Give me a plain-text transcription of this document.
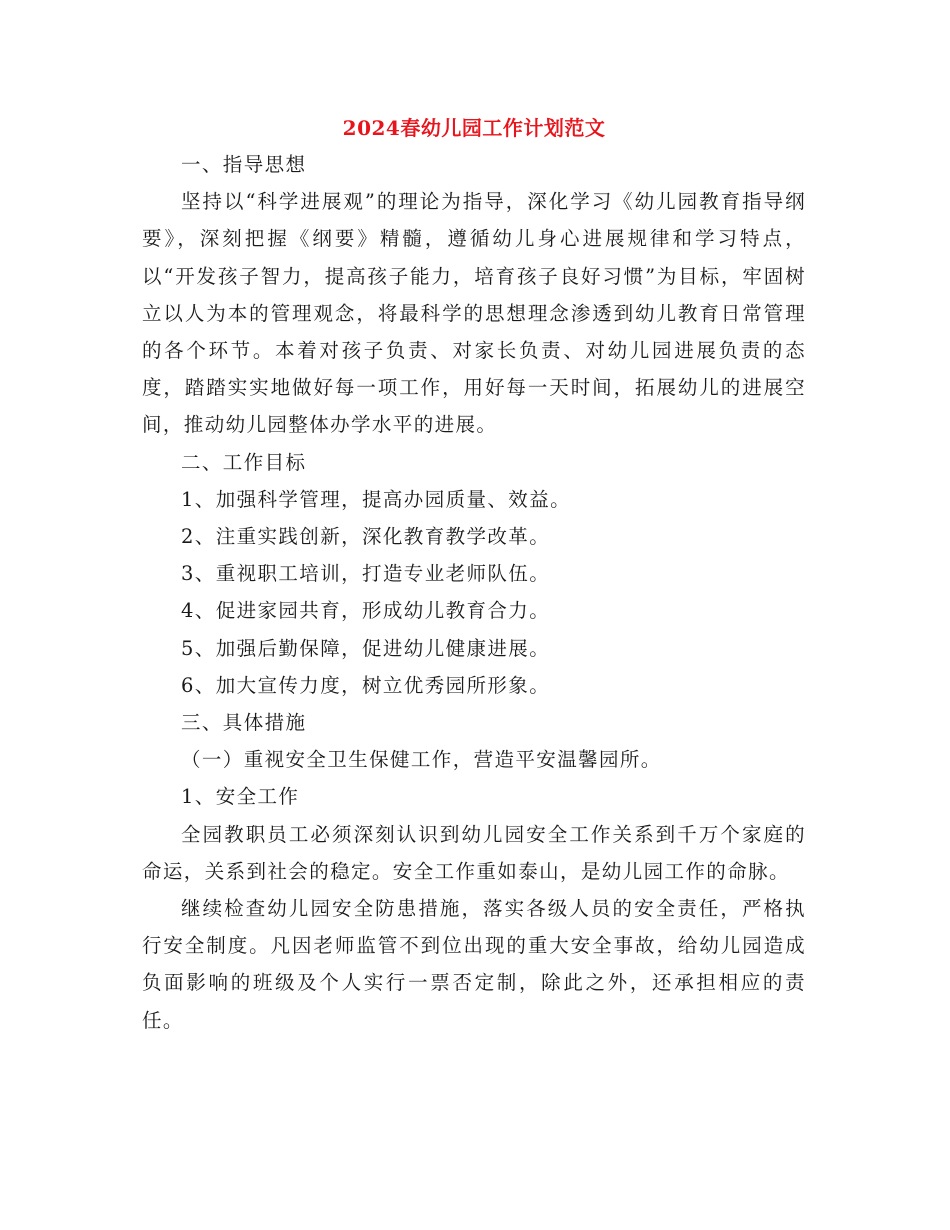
2024春幼儿园工作计划范文

一、指导思想

坚持以“科学进展观”的理论为指导，深化学习《幼儿园教育指导纲要》，深刻把握《纲要》精髓，遵循幼儿身心进展规律和学习特点，以“开发孩子智力，提高孩子能力，培育孩子良好习惯”为目标，牢固树立以人为本的管理观念，将最科学的思想理念渗透到幼儿教育日常管理的各个环节。本着对孩子负责、对家长负责、对幼儿园进展负责的态度，踏踏实实地做好每一项工作，用好每一天时间，拓展幼儿的进展空间，推动幼儿园整体办学水平的进展。

二、工作目标

1、加强科学管理，提高办园质量、效益。

2、注重实践创新，深化教育教学改革。

3、重视职工培训，打造专业老师队伍。

4、促进家园共育，形成幼儿教育合力。

5、加强后勤保障，促进幼儿健康进展。

6、加大宣传力度，树立优秀园所形象。

三、具体措施

（一）重视安全卫生保健工作，营造平安温馨园所。

1、安全工作

全园教职员工必须深刻认识到幼儿园安全工作关系到千万个家庭的命运，关系到社会的稳定。安全工作重如泰山，是幼儿园工作的命脉。

继续检查幼儿园安全防患措施，落实各级人员的安全责任，严格执行安全制度。凡因老师监管不到位出现的重大安全事故，给幼儿园造成负面影响的班级及个人实行一票否定制，除此之外，还承担相应的责任。
